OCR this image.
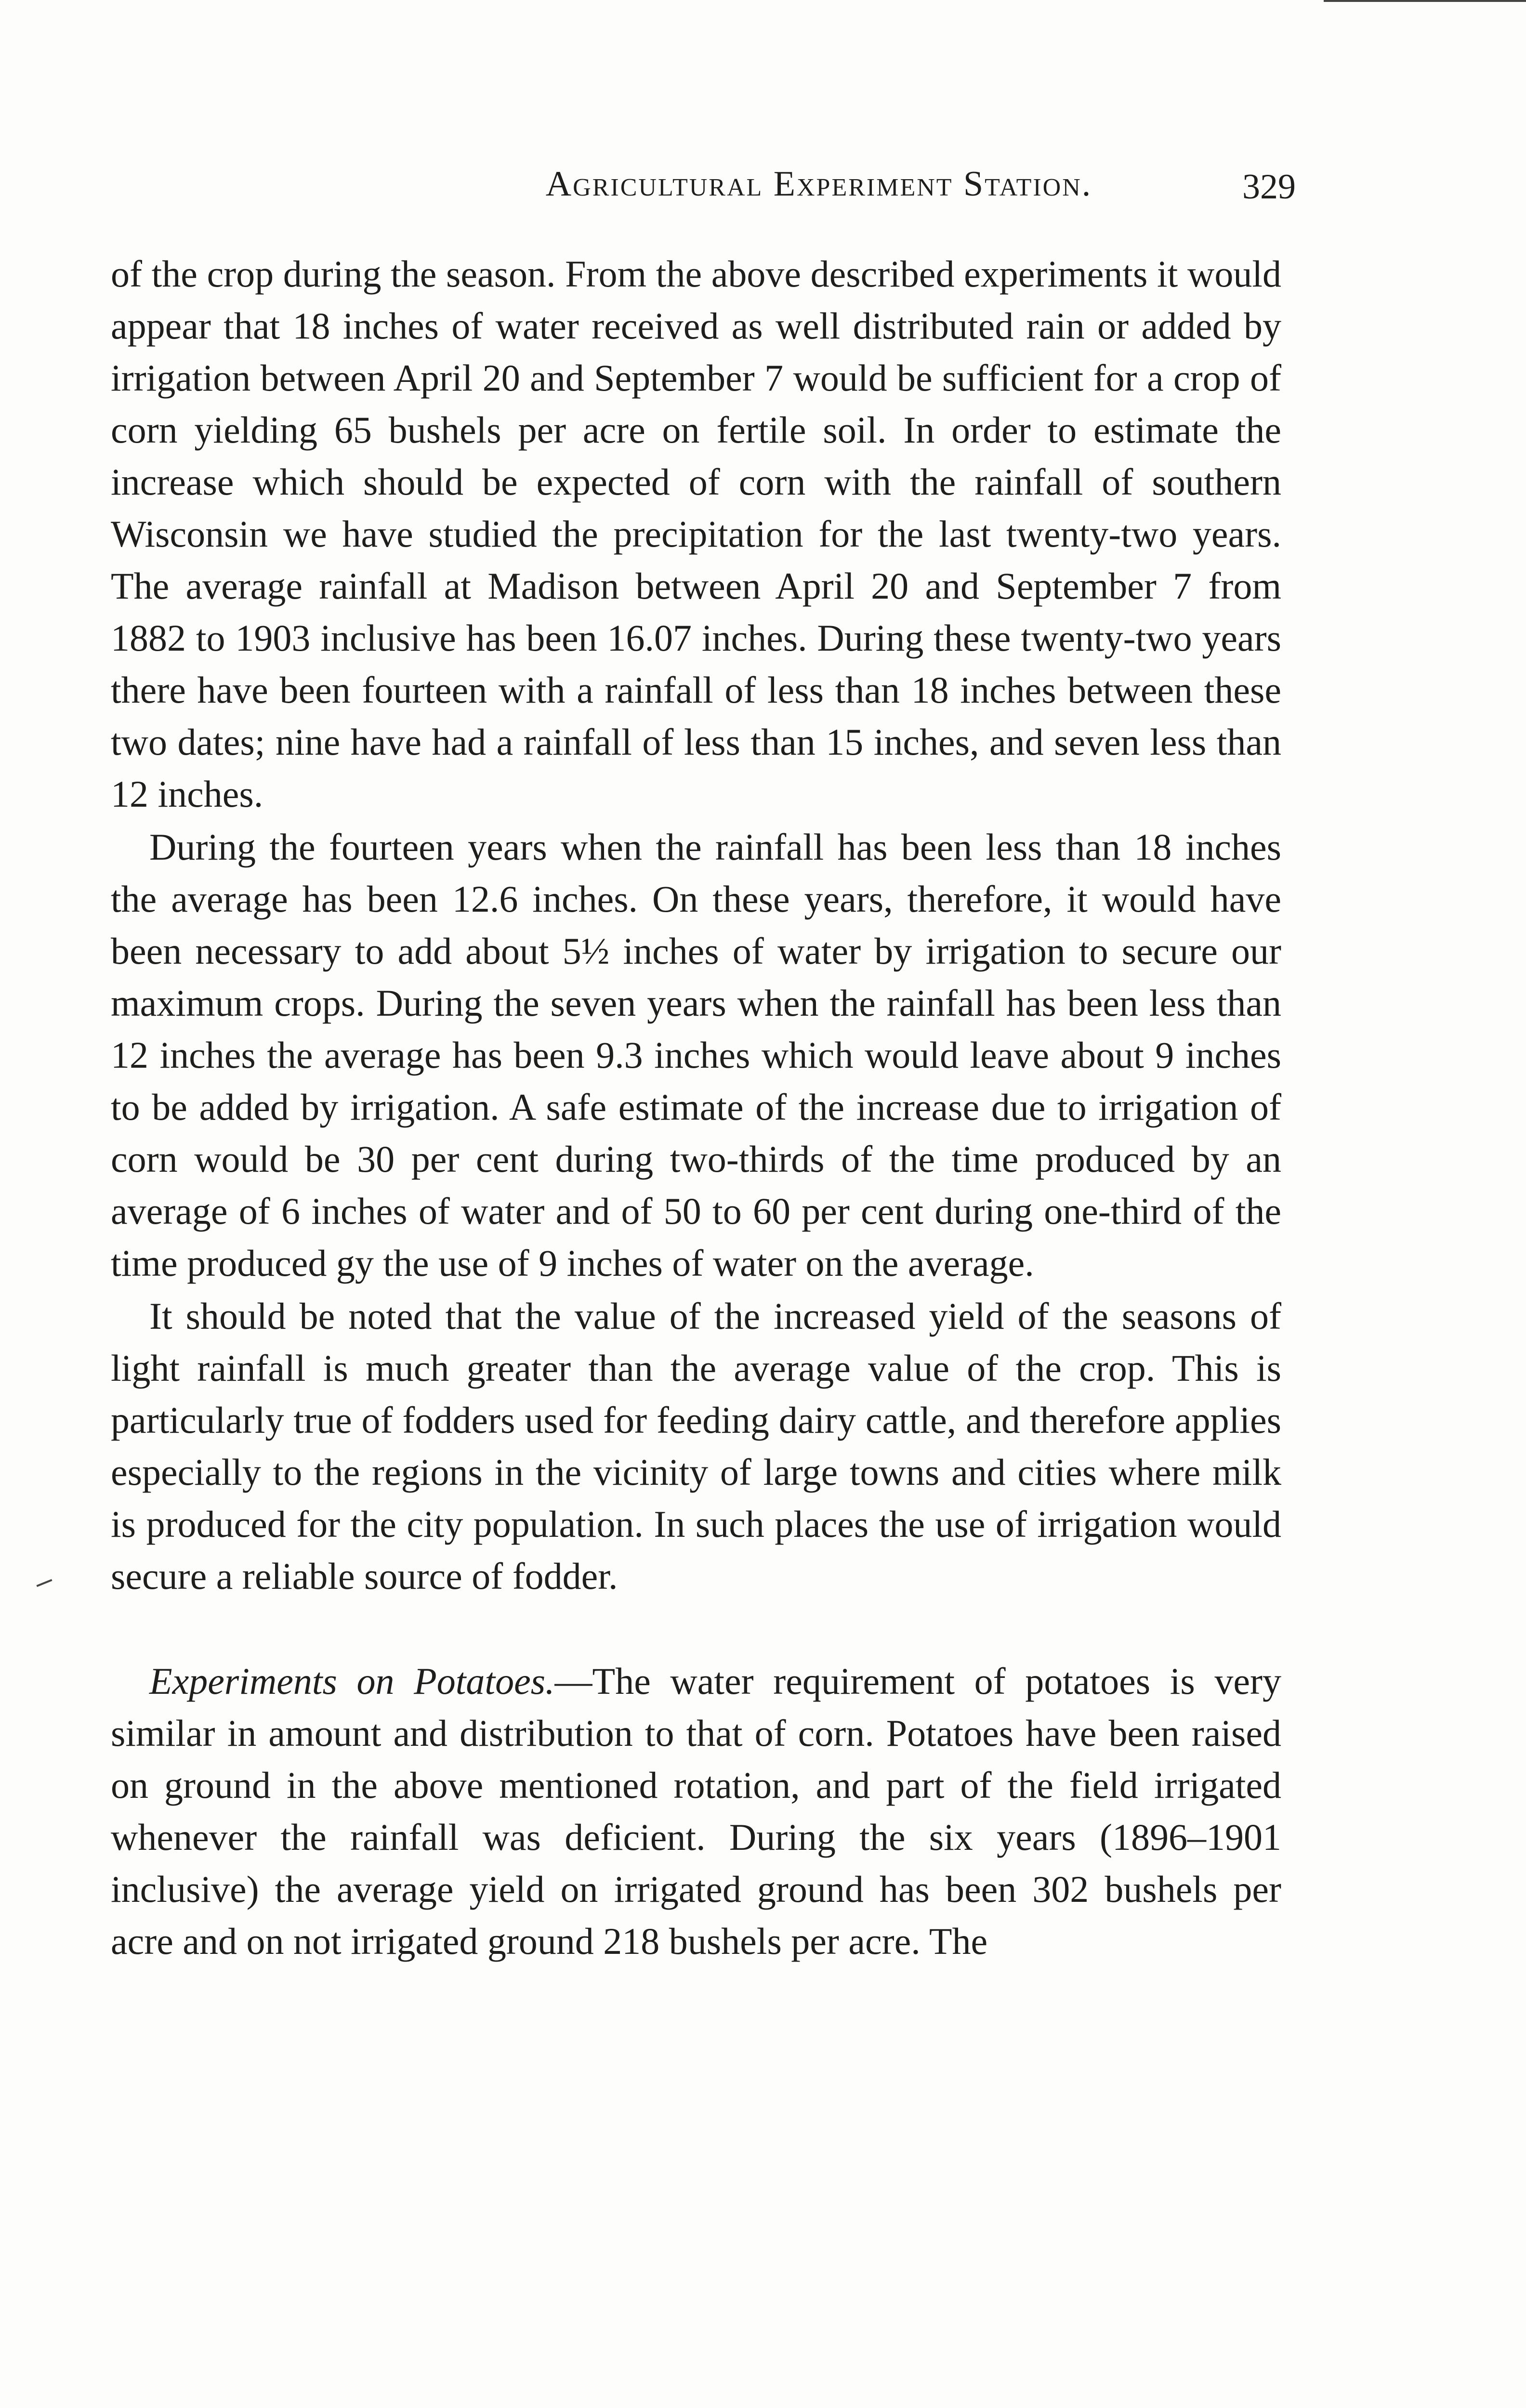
Agricultural Experiment Station.	329

of the crop during the season. From the above described experiments it would appear that 18 inches of water received as well distributed rain or added by irrigation between April 20 and September 7 would be sufficient for a crop of corn yielding 65 bushels per acre on fertile soil. In order to estimate the increase which should be expected of corn with the rainfall of southern Wisconsin we have studied the precipitation for the last twenty-two years. The average rainfall at Madison between April 20 and September 7 from 1882 to 1903 inclusive has been 16.07 inches. During these twenty-two years there have been fourteen with a rainfall of less than 18 inches between these two dates; nine have had a rainfall of less than 15 inches, and seven less than 12 inches.

During the fourteen years when the rainfall has been less than 18 inches the average has been 12.6 inches. On these years, therefore, it would have been necessary to add about 5½ inches of water by irrigation to secure our maximum crops. During the seven years when the rainfall has been less than 12 inches the average has been 9.3 inches which would leave about 9 inches to be added by irrigation. A safe estimate of the increase due to irrigation of corn would be 30 per cent during two-thirds of the time produced by an average of 6 inches of water and of 50 to 60 per cent during one-third of the time produced gy the use of 9 inches of water on the average.

It should be noted that the value of the increased yield of the seasons of light rainfall is much greater than the average value of the crop. This is particularly true of fodders used for feeding dairy cattle, and therefore applies especially to the regions in the vicinity of large towns and cities where milk is produced for the city population. In such places the use of irrigation would secure a reliable source of fodder.

Experiments on Potatoes.—The water requirement of potatoes is very similar in amount and distribution to that of corn. Potatoes have been raised on ground in the above mentioned rotation, and part of the field irrigated whenever the rainfall was deficient. During the six years (1896–1901 inclusive) the average yield on irrigated ground has been 302 bushels per acre and on not irrigated ground 218 bushels per acre. The
